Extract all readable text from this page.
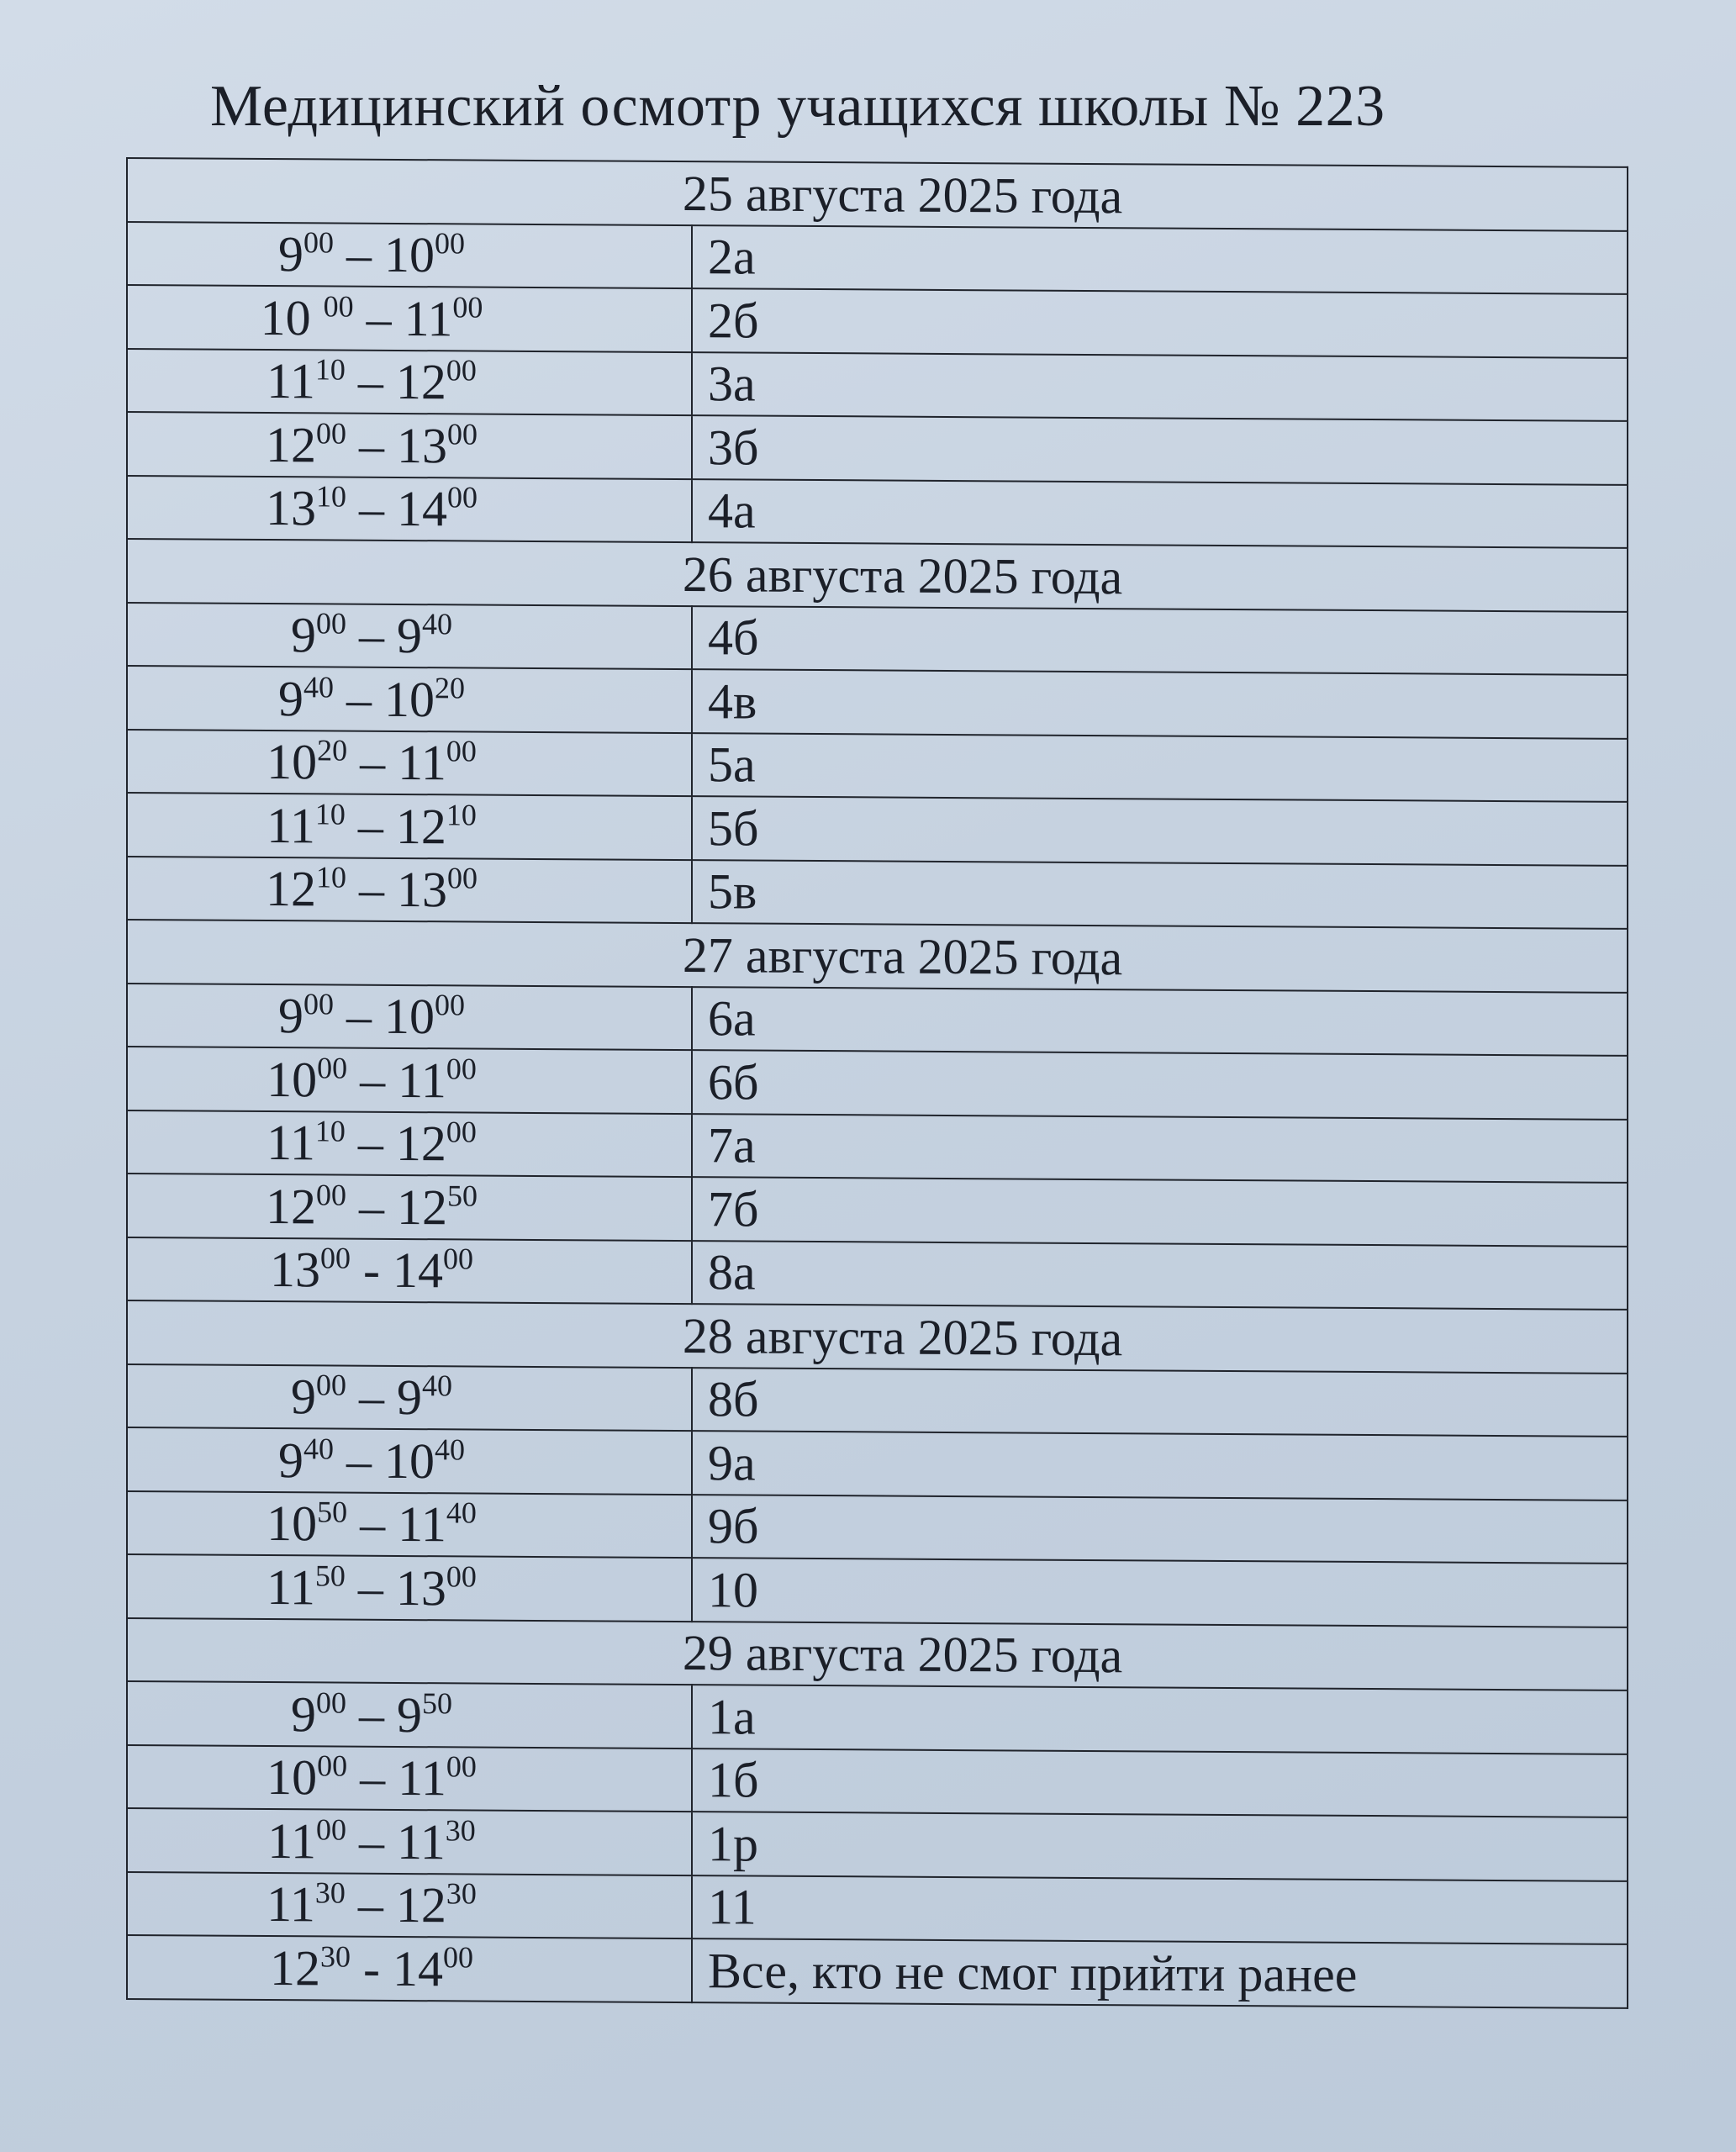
Медицинский осмотр учащихся школы № 223
25 августа 2025 года	
$9^{00} - 10^{00}$	2а
10 $^{00} - 11^{00}$	2б
$11^{10} - 12^{00}$	3а
$12^{00} - 13^{00}$	3б
$13^{10} - 14^{00}$	4а
26 августа 2025 года	
$9^{00} - 9^{40}$	4б
$9^{40} - 10^{20}$	4в
$10^{20} - 11^{00}$	5а
$11^{10} - 12^{10}$	5б
$12^{10} - 13^{00}$	5в
27 августа 2025 года	
$9^{00} - 10^{00}$	6а
$10^{00} - 11^{00}$	6б
$11^{10} - 12^{00}$	7а
$12^{00} - 12^{50}$	7б
$13^{00} - 14^{00}$	8а
28 августа 2025 года	
$9^{00} - 9^{40}$	8б
$9^{40} - 10^{40}$	9а
$10^{50} - 11^{40}$	9б
$11^{50} - 13^{00}$	10
29 августа 2025 года	
$9^{00} - 9^{50}$	1а
$10^{00} - 11^{00}$	1б
$11^{00} - 11^{30}$	1р
$11^{30} - 12^{30}$	11
$12^{30} - 14^{00}$	Все, кто не смог прийти ранее
